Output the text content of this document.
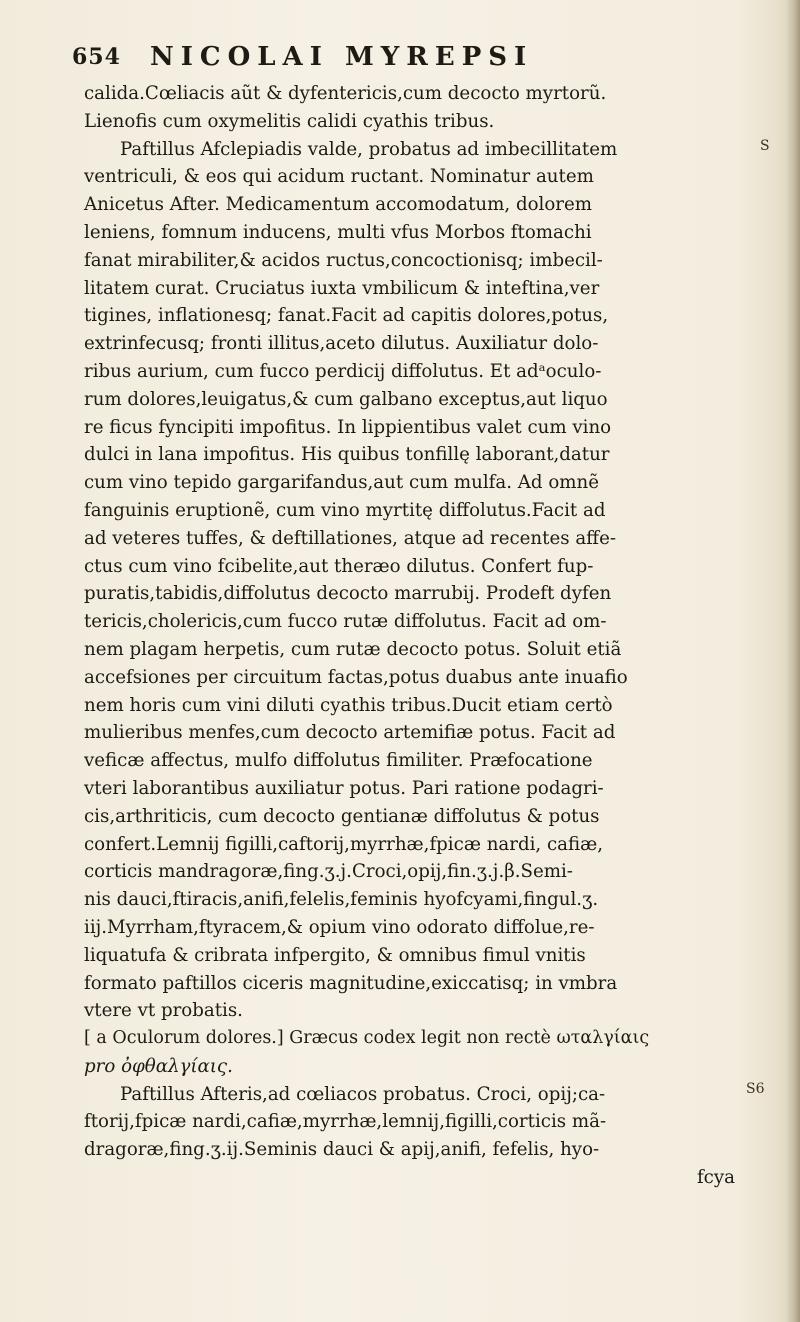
654 NICOLAI MYREPSI
S
S6
calida.Cœliacis aũt & dyfentericis,cum decocto myrtorũ.
Lienofis cum oxymelitis calidi cyathis tribus.
Paftillus Afclepiadis valde, probatus ad imbecillitatem
ventriculi, & eos qui acidum ructant. Nominatur autem
Anicetus After. Medicamentum accomodatum, dolorem
leniens, fomnum inducens, multi vfus Morbos ftomachi
fanat mirabiliter,& acidos ructus,concoctionisq; imbecil-
litatem curat. Cruciatus iuxta vmbilicum & inteftina,ver
tigines, inflationesq; fanat.Facit ad capitis dolores,potus,
extrinfecusq; fronti illitus,aceto dilutus. Auxiliatur dolo-
ribus aurium, cum fucco perdicij diffolutus. Et adᵃoculo-
rum dolores,leuigatus,& cum galbano exceptus,aut liquo
re ficus fyncipiti impofitus. In lippientibus valet cum vino
dulci in lana impofitus. His quibus tonfillę laborant,datur
cum vino tepido gargarifandus,aut cum mulfa. Ad omnẽ
fanguinis eruptionẽ, cum vino myrtitę diffolutus.Facit ad
ad veteres tuffes, & deftillationes, atque ad recentes affe-
ctus cum vino fcibelite,aut theræo dilutus. Confert fup-
puratis,tabidis,diffolutus decocto marrubij. Prodeft dyfen
tericis,cholericis,cum fucco rutæ diffolutus. Facit ad om-
nem plagam herpetis, cum rutæ decocto potus. Soluit etiã
accefsiones per circuitum factas,potus duabus ante inuafio
nem horis cum vini diluti cyathis tribus.Ducit etiam certò
mulieribus menfes,cum decocto artemifiæ potus. Facit ad
veficæ affectus, mulfo diffolutus fimiliter. Præfocatione
vteri laborantibus auxiliatur potus. Pari ratione podagri-
cis,arthriticis, cum decocto gentianæ diffolutus & potus
confert.Lemnij figilli,caftorij,myrrhæ,fpicæ nardi, cafiæ,
corticis mandragoræ,fing.ʒ.j.Croci,opij,fin.ʒ.j.β.Semi-
nis dauci,ftiracis,anifi,felelis,feminis hyofcyami,fingul.ʒ.
iij.Myrrham,ftyracem,& opium vino odorato diffolue,re-
liquatufa & cribrata infpergito, & omnibus fimul vnitis
formato paftillos ciceris magnitudine,exiccatisq; in vmbra
vtere vt probatis.
[ a Oculorum dolores.] Græcus codex legit non rectè ωταλγίαις
pro ὀφθαλγίαις.
Paftillus Afteris,ad cœliacos probatus. Croci, opij;ca-
ftorij,fpicæ nardi,cafiæ,myrrhæ,lemnij,figilli,corticis mã-
dragoræ,fing.ʒ.ij.Seminis dauci & apij,anifi, fefelis, hyo-
fcya
